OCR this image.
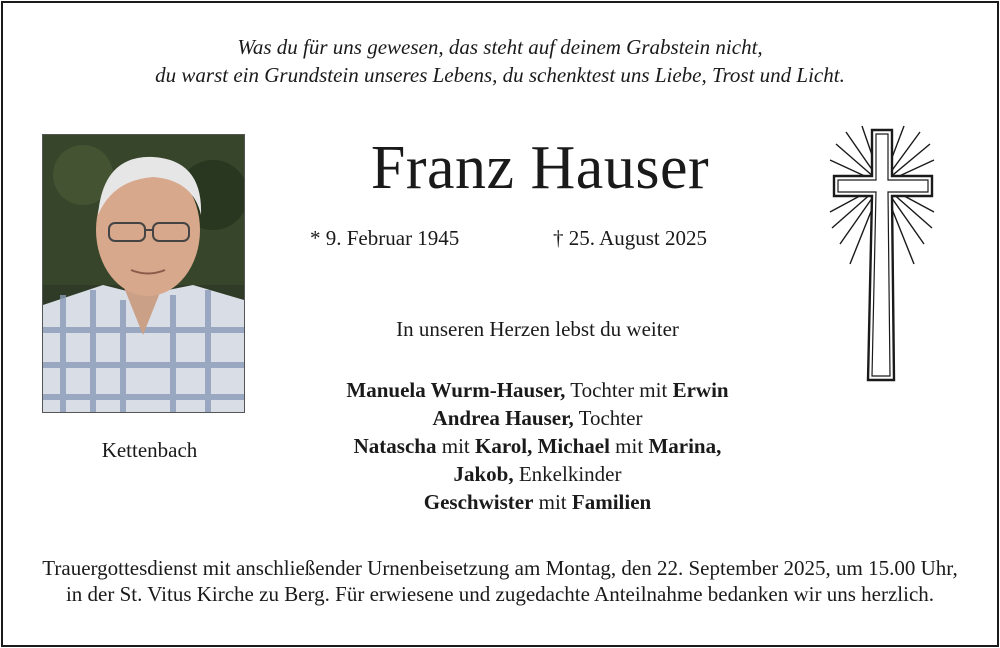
Was du für uns gewesen, das steht auf deinem Grabstein nicht,
du warst ein Grundstein unseres Lebens, du schenktest uns Liebe, Trost und Licht.
Kettenbach
Franz Hauser
* 9. Februar 1945	† 25. August 2025
In unseren Herzen lebst du weiter
Manuela Wurm-Hauser, Tochter mit Erwin
Andrea Hauser, Tochter
Natascha mit Karol, Michael mit Marina,
Jakob, Enkelkinder
Geschwister mit Familien
Trauergottesdienst mit anschließender Urnenbeisetzung am Montag, den 22. September 2025, um 15.00 Uhr, in der St. Vitus Kirche zu Berg. Für erwiesene und zugedachte Anteilnahme bedanken wir uns herzlich.
